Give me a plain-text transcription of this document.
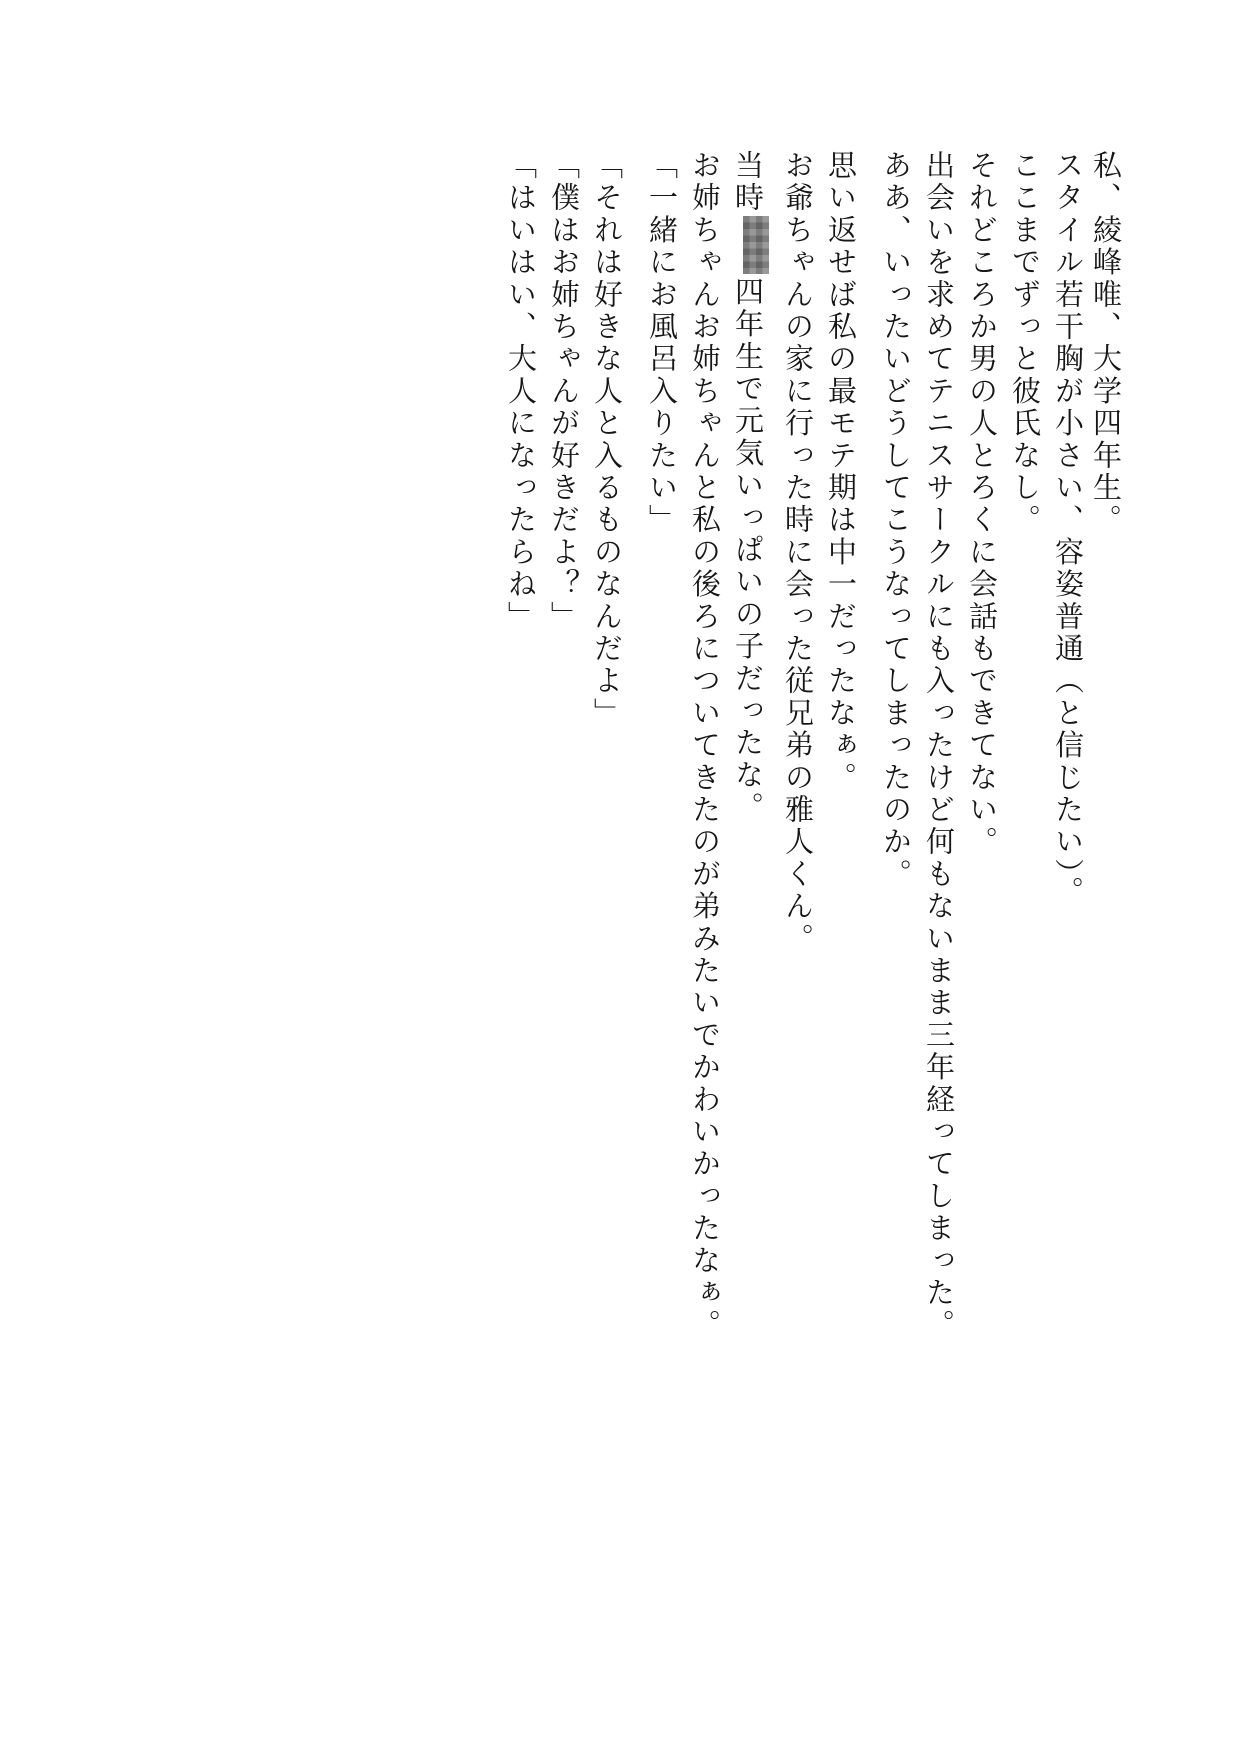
「はいはい、大人になったらね」 「僕はお姉ちゃんが好きだよ？」 「それは好きな人と入るものなんだよ」 「一緒にお風呂入りたい」 お姉ちゃんお姉ちゃんと私の後ろについてきたのが弟みたいでかわいかったなぁ。 当時四年生で元気いっぱいの子だったな。 お爺ちゃんの家に行った時に会った従兄弟の雅人くん。 思い返せば私の最モテ期は中一だったなぁ。 ああ、いったいどうしてこうなってしまったのか。 出会いを求めてテニスサークルにも入ったけど何もないまま三年経ってしまった。 それどころか男の人とろくに会話もできてない。 ここまでずっと彼氏なし。 スタイル若干胸が小さい、容姿普通（と信じたい）。 私、綾峰唯、大学四年生。
